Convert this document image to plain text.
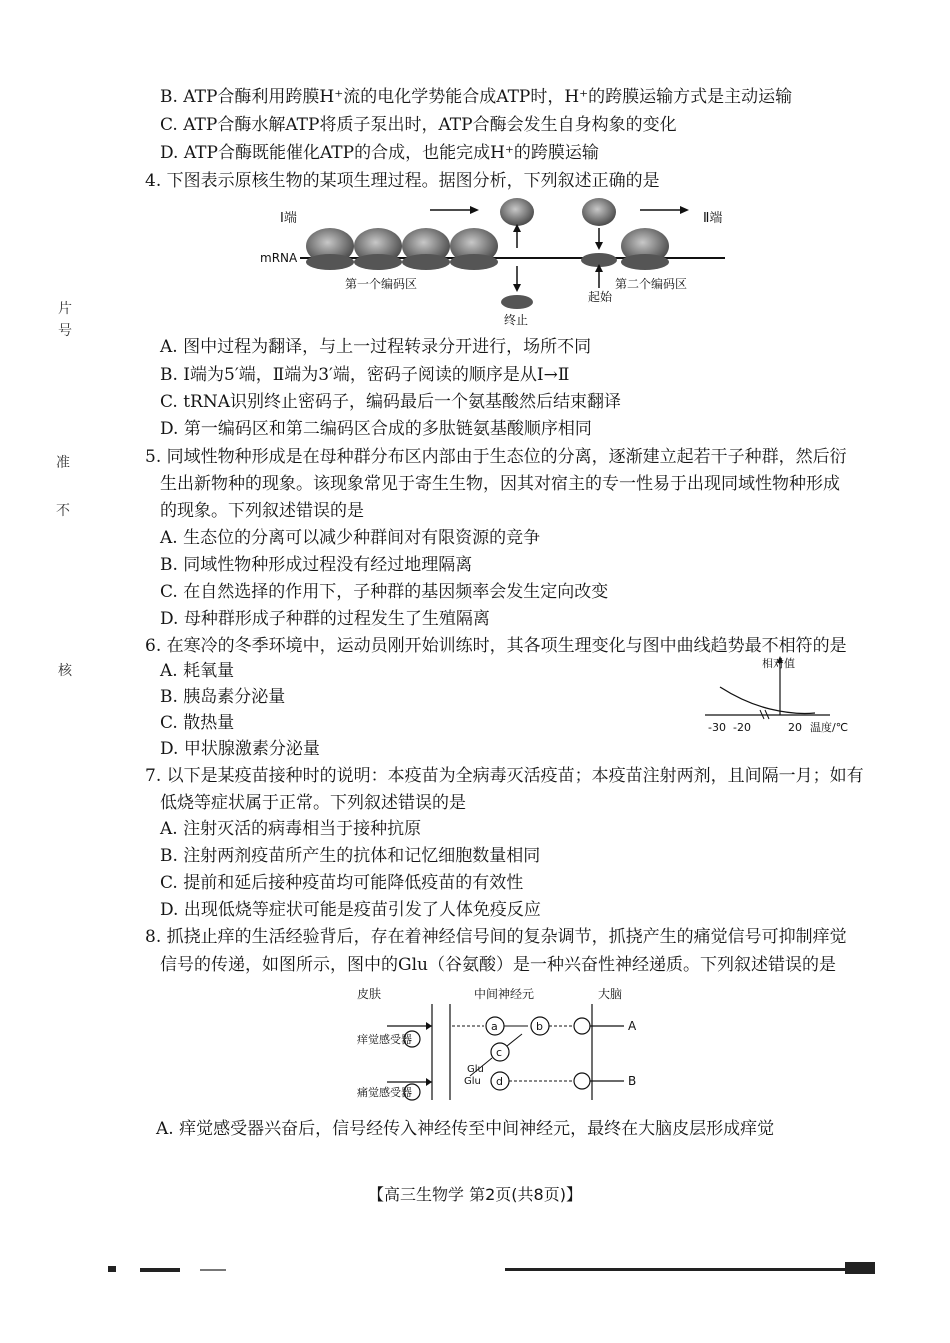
片
号
准
不
核
B. ATP合酶利用跨膜H⁺流的电化学势能合成ATP时，H⁺的跨膜运输方式是主动运输
C. ATP合酶水解ATP将质子泵出时，ATP合酶会发生自身构象的变化
D. ATP合酶既能催化ATP的合成，也能完成H⁺的跨膜运输
4. 下图表示原核生物的某项生理过程。据图分析，下列叙述正确的是
mRNA
Ⅰ端	Ⅱ端
第一个编码区
终止
起始
第二个编码区
A. 图中过程为翻译，与上一过程转录分开进行，场所不同
B. Ⅰ端为5′端，Ⅱ端为3′端，密码子阅读的顺序是从Ⅰ→Ⅱ
C. tRNA识别终止密码子，编码最后一个氨基酸然后结束翻译
D. 第一编码区和第二编码区合成的多肽链氨基酸顺序相同
5. 同域性物种形成是在母种群分布区内部由于生态位的分离，逐渐建立起若干子种群，然后衍
生出新物种的现象。该现象常见于寄生生物，因其对宿主的专一性易于出现同域性物种形成
的现象。下列叙述错误的是
A. 生态位的分离可以减少种群间对有限资源的竞争
B. 同域性物种形成过程没有经过地理隔离
C. 在自然选择的作用下，子种群的基因频率会发生定向改变
D. 母种群形成子种群的过程发生了生殖隔离
6. 在寒冷的冬季环境中，运动员刚开始训练时，其各项生理变化与图中曲线趋势最不相符的是
A. 耗氧量
B. 胰岛素分泌量
C. 散热量
D. 甲状腺激素分泌量
相对值
-30 -20	20 温度/℃
7. 以下是某疫苗接种时的说明：本疫苗为全病毒灭活疫苗；本疫苗注射两剂，且间隔一月；如有
低烧等症状属于正常。下列叙述错误的是
A. 注射灭活的病毒相当于接种抗原
B. 注射两剂疫苗所产生的抗体和记忆细胞数量相同
C. 提前和延后接种疫苗均可能降低疫苗的有效性
D. 出现低烧等症状可能是疫苗引发了人体免疫反应
8. 抓挠止痒的生活经验背后，存在着神经信号间的复杂调节，抓挠产生的痛觉信号可抑制痒觉
信号的传递，如图所示，图中的Glu（谷氨酸）是一种兴奋性神经递质。下列叙述错误的是
皮肤	中间神经元	大脑
痒觉感受器
a	b	A
c
Glu
痛觉感受器
Glu d	B
A. 痒觉感受器兴奋后，信号经传入神经传至中间神经元，最终在大脑皮层形成痒觉
【高三生物学 第2页(共8页)】
